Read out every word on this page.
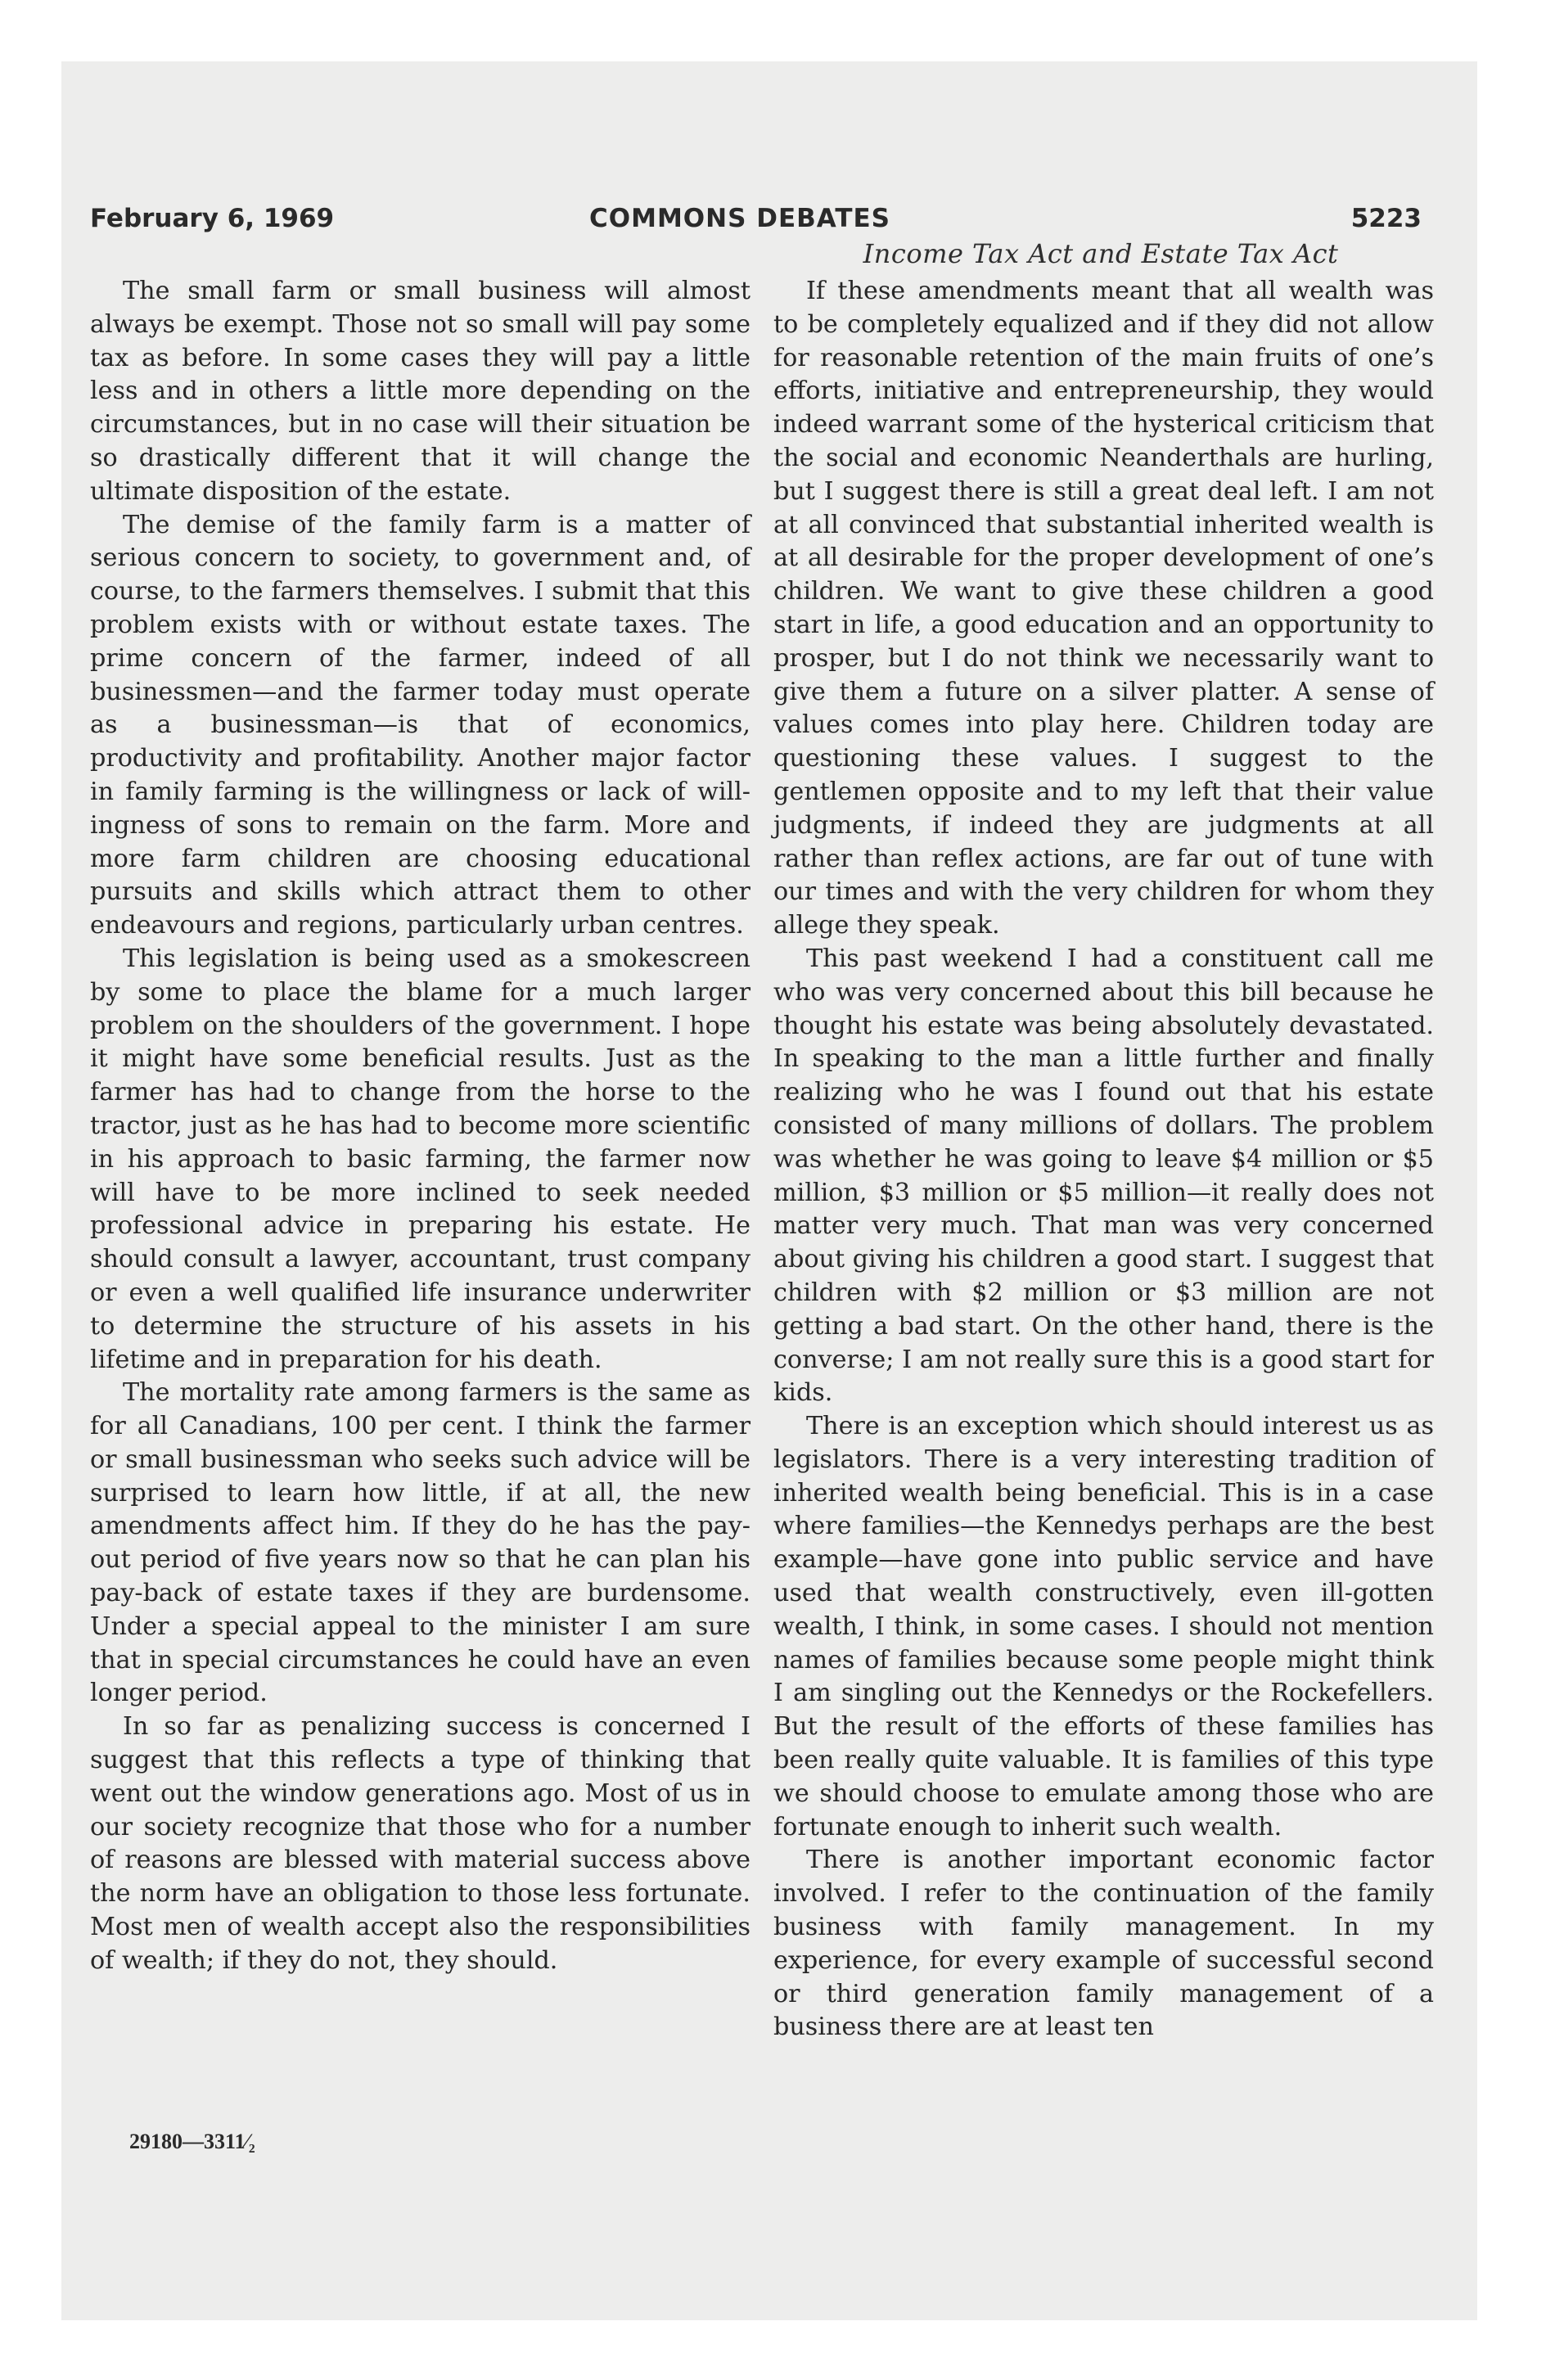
February 6, 1969	COMMONS DEBATES	5223
Income Tax Act and Estate Tax Act

The small farm or small business will almost always be exempt. Those not so small will pay some tax as before. In some cases they will pay a little less and in others a little more depending on the circumstances, but in no case will their situation be so drastically different that it will change the ultimate disposition of the estate.

The demise of the family farm is a matter of serious concern to society, to government and, of course, to the farmers themselves. I submit that this problem exists with or without estate taxes. The prime concern of the farmer, indeed of all businessmen—and the farmer today must operate as a businessman—is that of economics, productivity and profitability. Another major factor in family farming is the willingness or lack of willingness of sons to remain on the farm. More and more farm children are choosing educational pursuits and skills which attract them to other endeavours and regions, particularly urban centres.

This legislation is being used as a smokescreen by some to place the blame for a much larger problem on the shoulders of the government. I hope it might have some beneficial results. Just as the farmer has had to change from the horse to the tractor, just as he has had to become more scientific in his approach to basic farming, the farmer now will have to be more inclined to seek needed professional advice in preparing his estate. He should consult a lawyer, accountant, trust company or even a well qualified life insurance underwriter to determine the structure of his assets in his lifetime and in preparation for his death.

The mortality rate among farmers is the same as for all Canadians, 100 per cent. I think the farmer or small businessman who seeks such advice will be surprised to learn how little, if at all, the new amendments affect him. If they do he has the pay-out period of five years now so that he can plan his pay-back of estate taxes if they are burdensome. Under a special appeal to the minister I am sure that in special circumstances he could have an even longer period.

In so far as penalizing success is concerned I suggest that this reflects a type of thinking that went out the window generations ago. Most of us in our society recognize that those who for a number of reasons are blessed with material success above the norm have an obligation to those less fortunate. Most men of wealth accept also the responsibilities of wealth; if they do not, they should.

If these amendments meant that all wealth was to be completely equalized and if they did not allow for reasonable retention of the main fruits of one’s efforts, initiative and entrepreneurship, they would indeed warrant some of the hysterical criticism that the social and economic Neanderthals are hurling, but I suggest there is still a great deal left. I am not at all convinced that substantial inherited wealth is at all desirable for the proper development of one’s children. We want to give these children a good start in life, a good education and an opportunity to prosper, but I do not think we necessarily want to give them a future on a silver platter. A sense of values comes into play here. Children today are questioning these values. I suggest to the gentlemen opposite and to my left that their value judgments, if indeed they are judgments at all rather than reflex actions, are far out of tune with our times and with the very children for whom they allege they speak.

This past weekend I had a constituent call me who was very concerned about this bill because he thought his estate was being absolutely devastated. In speaking to the man a little further and finally realizing who he was I found out that his estate consisted of many millions of dollars. The problem was whether he was going to leave $4 million or $5 million, $3 million or $5 million—it really does not matter very much. That man was very concerned about giving his children a good start. I suggest that children with $2 million or $3 million are not getting a bad start. On the other hand, there is the converse; I am not really sure this is a good start for kids.

There is an exception which should interest us as legislators. There is a very interesting tradition of inherited wealth being beneficial. This is in a case where families—the Kennedys perhaps are the best example—have gone into public service and have used that wealth constructively, even ill-gotten wealth, I think, in some cases. I should not mention names of families because some people might think I am singling out the Kennedys or the Rockefellers. But the result of the efforts of these families has been really quite valuable. It is families of this type we should choose to emulate among those who are fortunate enough to inherit such wealth.

There is another important economic factor involved. I refer to the continuation of the family business with family management. In my experience, for every example of successful second or third generation family management of a business there are at least ten

29180—3311⁄₂
